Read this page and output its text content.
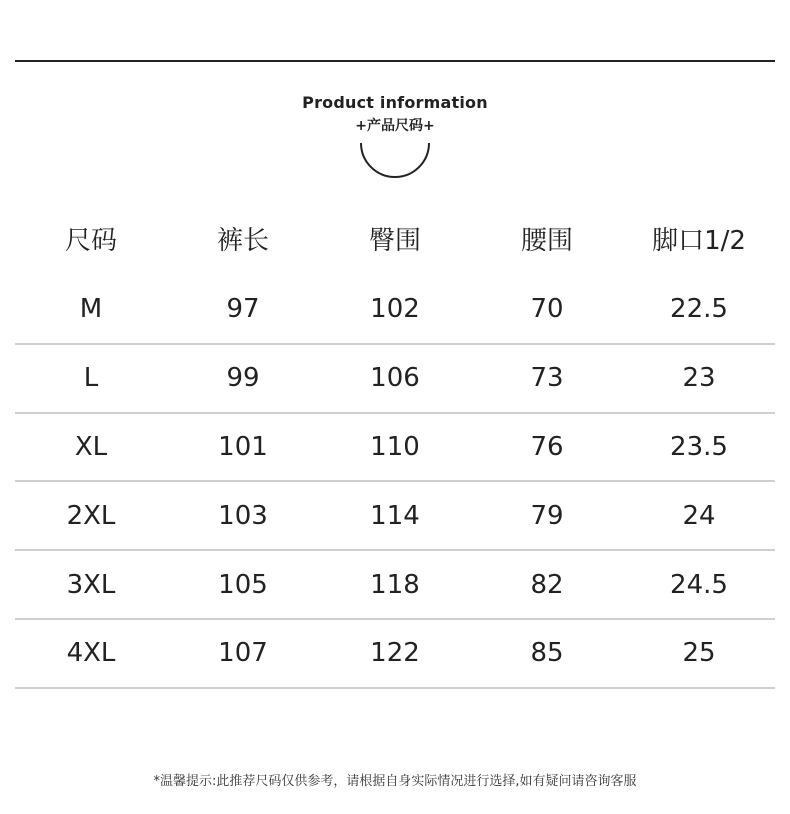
Product information
+产品尺码+
尺码	裤长	臀围	腰围	脚口1/2
M	97	102	70	22.5
L	99	106	73	23
XL	101	110	76	23.5
2XL	103	114	79	24
3XL	105	118	82	24.5
4XL	107	122	85	25
*温馨提示:此推荐尺码仅供参考，请根据自身实际情况进行选择,如有疑问请咨询客服
